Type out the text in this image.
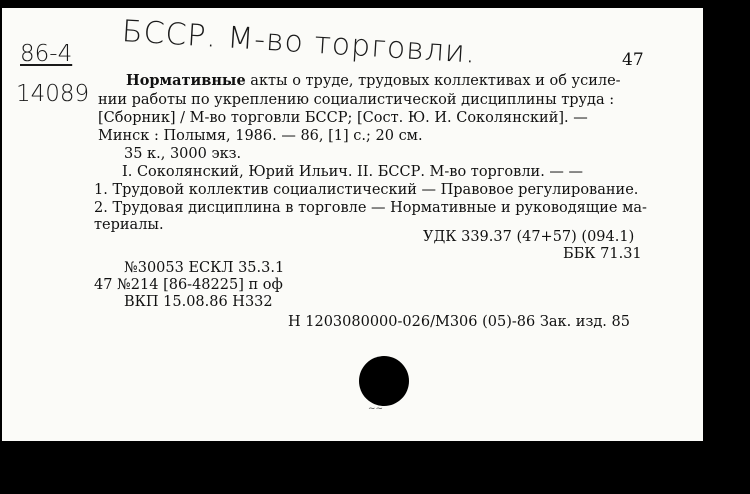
БССР. М-во торговли.
86-4
14089
47
Нормативные акты о труде, трудовых коллективах и об усиле-
нии работы по укреплению социалистической дисциплины труда :
[Сборник] / М-во торговли БССР; [Сост. Ю. И. Соколянский]. —
Минск : Полымя, 1986. — 86, [1] с.; 20 см.
35 к., 3000 экз.
I. Соколянский, Юрий Ильич. II. БССР. М-во торговли. — —
1. Трудовой коллектив социалистический — Правовое регулирование.
2. Трудовая дисциплина в торговле — Нормативные и руководящие ма-
териалы.
УДК 339.37 (47+57) (094.1)
ББК 71.31
№30053 ЕСКЛ 35.3.1
47 №214 [86-48225] п оф
ВКП 15.08.86 Н332
Н 1203080000-026/М306 (05)-86 Зак. изд. 85
~~
